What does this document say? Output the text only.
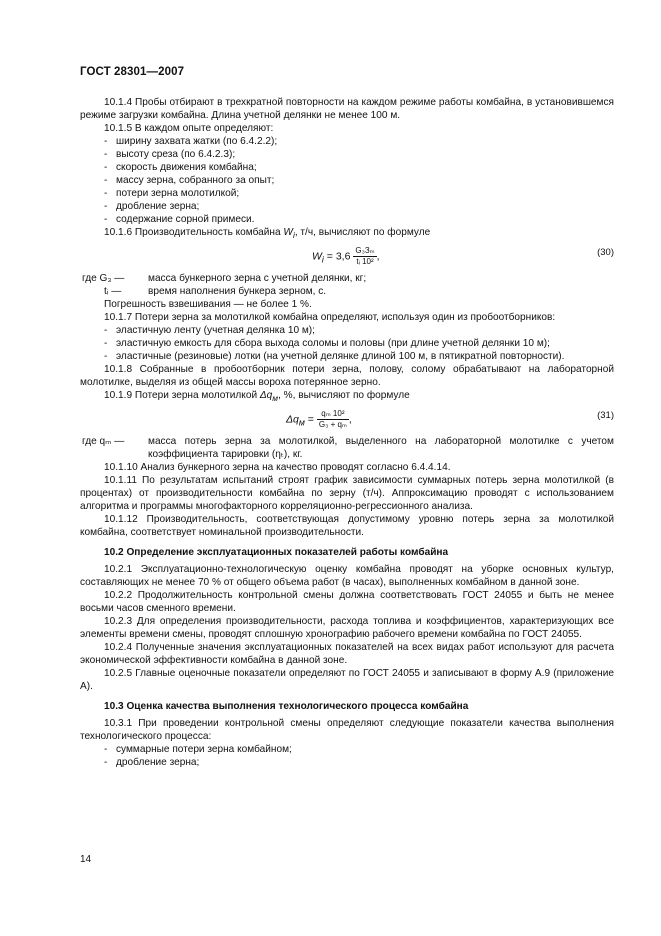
ГОСТ 28301—2007

10.1.4 Пробы отбирают в трехкратной повторности на каждом режиме работы комбайна, в установившемся режиме загрузки комбайна. Длина учетной делянки не менее 100 м.

10.1.5 В каждом опыте определяют:

- ширину захвата жатки (по 6.4.2.2);

- высоту среза (по 6.4.2.3);

- скорость движения комбайна;

- массу зерна, собранного за опыт;

- потери зерна молотилкой;

- дробление зерна;

- содержание сорной примеси.

10.1.6 Производительность комбайна $W_i$, т/ч, вычисляют по формуле

$W_i = 3,6 \frac{\text{G₃Зₘ}}{\text{tᵢ 10²}}$ ,	(30)

где G₃ — масса бункерного зерна с учетной делянки, кг;

tᵢ —	время наполнения бункера зерном, с.

Погрешность взвешивания — не более 1 %.

10.1.7 Потери зерна за молотилкой комбайна определяют, используя один из пробоотборников:

- эластичную ленту (учетная делянка 10 м);

- эластичную емкость для сбора выхода соломы и половы (при длине учетной делянки 10 м);

- эластичные (резиновые) лотки (на учетной делянке длиной 100 м, в пятикратной повторности).

10.1.8 Собранные в пробоотборник потери зерна, полову, солому обрабатывают на лабораторной молотилке, выделяя из общей массы вороха потерянное зерно.

10.1.9 Потери зерна молотилкой $\Delta q_м$, %, вычисляют по формуле

$\Delta q_м = \frac{\text{qₘ 10²}}{\text{G₃ + qₘ}}$ ,	(31)

где qₘ — масса потерь зерна за молотилкой, выделенного на лабораторной молотилке с учетом коэффициента тарировки (ηₜ), кг.

10.1.10 Анализ бункерного зерна на качество проводят согласно 6.4.4.14.

10.1.11 По результатам испытаний строят график зависимости суммарных потерь зерна молотилкой (в процентах) от производительности комбайна по зерну (т/ч). Аппроксимацию проводят с использованием алгоритма и программы многофакторного корреляционно-регрессионного анализа.

10.1.12 Производительность, соответствующая допустимому уровню потерь зерна за молотилкой комбайна, соответствует номинальной производительности.

10.2 Определение эксплуатационных показателей работы комбайна

10.2.1 Эксплуатационно-технологическую оценку комбайна проводят на уборке основных культур, составляющих не менее 70 % от общего объема работ (в часах), выполненных комбайном в данной зоне.

10.2.2 Продолжительность контрольной смены должна соответствовать ГОСТ 24055 и быть не менее восьми часов сменного времени.

10.2.3 Для определения производительности, расхода топлива и коэффициентов, характеризующих все элементы времени смены, проводят сплошную хронографию рабочего времени комбайна по ГОСТ 24055.

10.2.4 Полученные значения эксплуатационных показателей на всех видах работ используют для расчета экономической эффективности комбайна в данной зоне.

10.2.5 Главные оценочные показатели определяют по ГОСТ 24055 и записывают в форму А.9 (приложение А).

10.3 Оценка качества выполнения технологического процесса комбайна

10.3.1 При проведении контрольной смены определяют следующие показатели качества выполнения технологического процесса:

- суммарные потери зерна комбайном;

- дробление зерна;

14
